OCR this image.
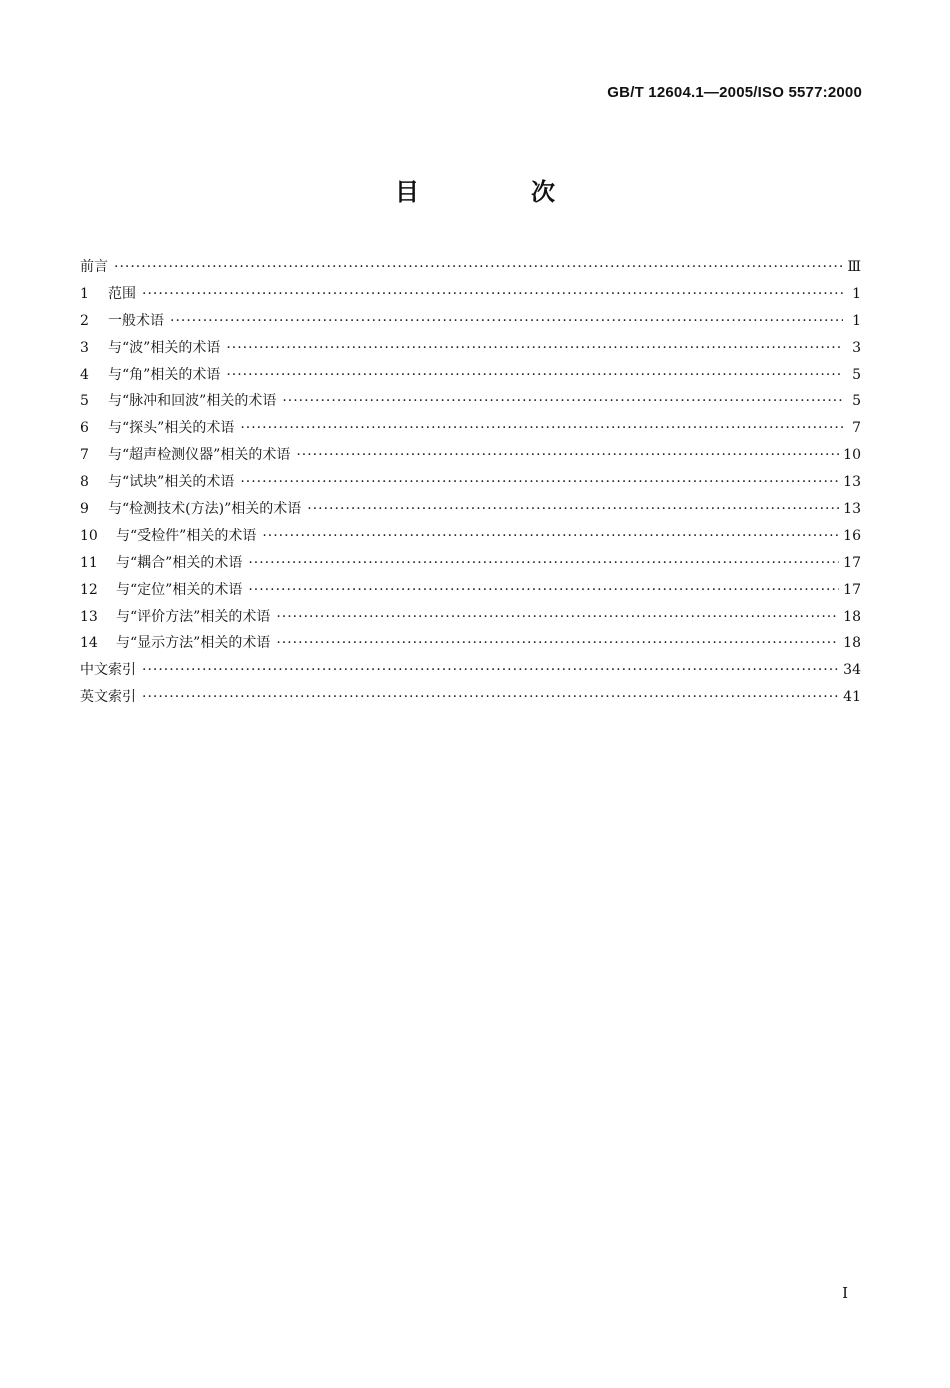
GB/T 12604.1—2005/ISO 5577:2000
目　次
前言 ·····	Ⅲ
1	范围 ·····	1
2	一般术语 ·····	1
3	与“波”相关的术语 ·····	3
4	与“角”相关的术语 ·····	5
5	与“脉冲和回波”相关的术语 ·····	5
6	与“探头”相关的术语 ·····	7
7	与“超声检测仪器”相关的术语 ·····	10
8	与“试块”相关的术语 ·····	13
9	与“检测技术(方法)”相关的术语 ·····	13
10	与“受检件”相关的术语 ·····	16
11	与“耦合”相关的术语 ·····	17
12	与“定位”相关的术语 ·····	17
13	与“评价方法”相关的术语 ·····	18
14	与“显示方法”相关的术语 ·····	18
中文索引 ·····	34
英文索引 ·····	41
I
